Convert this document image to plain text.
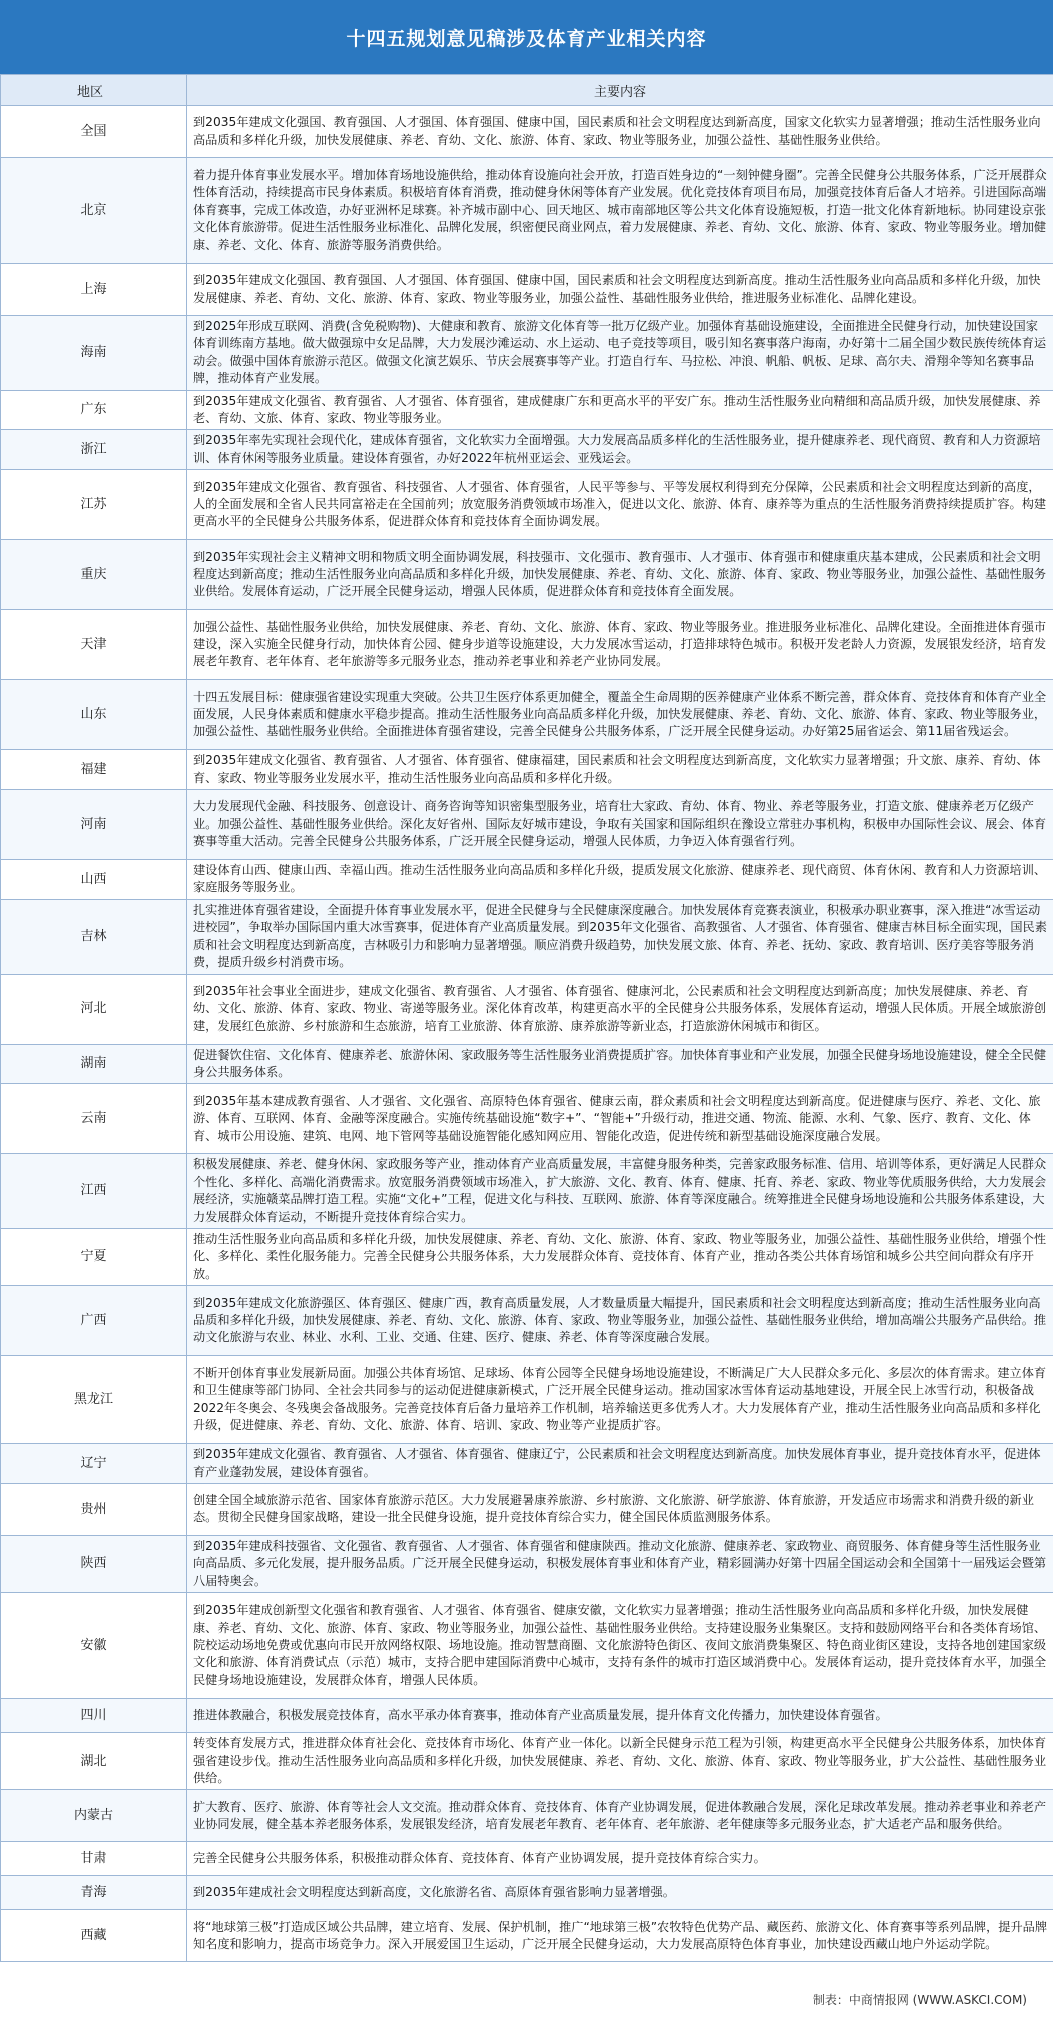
十四五规划意见稿涉及体育产业相关内容
地区	主要内容
全国	到2035年建成文化强国、教育强国、人才强国、体育强国、健康中国，国民素质和社会文明程度达到新高度，国家文化软实力显著增强；推动生活性服务业向高品质和多样化升级，加快发展健康、养老、育幼、文化、旅游、体育、家政、物业等服务业，加强公益性、基础性服务业供给。
北京	着力提升体育事业发展水平。增加体育场地设施供给，推动体育设施向社会开放，打造百姓身边的“一刻钟健身圈”。完善全民健身公共服务体系，广泛开展群众性体育活动，持续提高市民身体素质。积极培育体育消费，推动健身休闲等体育产业发展。优化竞技体育项目布局，加强竞技体育后备人才培养。引进国际高端体育赛事，完成工体改造，办好亚洲杯足球赛。补齐城市副中心、回天地区、城市南部地区等公共文化体育设施短板，打造一批文化体育新地标。协同建设京张文化体育旅游带。促进生活性服务业标准化、品牌化发展，织密便民商业网点，着力发展健康、养老、育幼、文化、旅游、体育、家政、物业等服务业。增加健康、养老、文化、体育、旅游等服务消费供给。
上海	到2035年建成文化强国、教育强国、人才强国、体育强国、健康中国，国民素质和社会文明程度达到新高度。推动生活性服务业向高品质和多样化升级，加快发展健康、养老、育幼、文化、旅游、体育、家政、物业等服务业，加强公益性、基础性服务业供给，推进服务业标准化、品牌化建设。
海南	到2025年形成互联网、消费(含免税购物)、大健康和教育、旅游文化体育等一批万亿级产业。加强体育基础设施建设，全面推进全民健身行动，加快建设国家体育训练南方基地。做大做强琼中女足品牌，大力发展沙滩运动、水上运动、电子竞技等项目，吸引知名赛事落户海南，办好第十二届全国少数民族传统体育运动会。做强中国体育旅游示范区。做强文化演艺娱乐、节庆会展赛事等产业。打造自行车、马拉松、冲浪、帆船、帆板、足球、高尔夫、滑翔伞等知名赛事品牌，推动体育产业发展。
广东	到2035年建成文化强省、教育强省、人才强省、体育强省，建成健康广东和更高水平的平安广东。推动生活性服务业向精细和高品质升级，加快发展健康、养老、育幼、文旅、体育、家政、物业等服务业。
浙江	到2035年率先实现社会现代化，建成体育强省，文化软实力全面增强。大力发展高品质多样化的生活性服务业，提升健康养老、现代商贸、教育和人力资源培训、体育休闲等服务业质量。建设体育强省，办好2022年杭州亚运会、亚残运会。
江苏	到2035年建成文化强省、教育强省、科技强省、人才强省、体育强省，人民平等参与、平等发展权利得到充分保障，公民素质和社会文明程度达到新的高度，人的全面发展和全省人民共同富裕走在全国前列；放宽服务消费领域市场准入，促进以文化、旅游、体育、康养等为重点的生活性服务消费持续提质扩容。构建更高水平的全民健身公共服务体系，促进群众体育和竞技体育全面协调发展。
重庆	到2035年实现社会主义精神文明和物质文明全面协调发展，科技强市、文化强市、教育强市、人才强市、体育强市和健康重庆基本建成，公民素质和社会文明程度达到新高度；推动生活性服务业向高品质和多样化升级，加快发展健康、养老、育幼、文化、旅游、体育、家政、物业等服务业，加强公益性、基础性服务业供给。发展体育运动，广泛开展全民健身运动，增强人民体质，促进群众体育和竞技体育全面发展。
天津	加强公益性、基础性服务业供给，加快发展健康、养老、育幼、文化、旅游、体育、家政、物业等服务业。推进服务业标准化、品牌化建设。全面推进体育强市建设，深入实施全民健身行动，加快体育公园、健身步道等设施建设，大力发展冰雪运动，打造排球特色城市。积极开发老龄人力资源，发展银发经济，培育发展老年教育、老年体育、老年旅游等多元服务业态，推动养老事业和养老产业协同发展。
山东	十四五发展目标：健康强省建设实现重大突破。公共卫生医疗体系更加健全，覆盖全生命周期的医养健康产业体系不断完善，群众体育、竞技体育和体育产业全面发展，人民身体素质和健康水平稳步提高。推动生活性服务业向高品质多样化升级，加快发展健康、养老、育幼、文化、旅游、体育、家政、物业等服务业，加强公益性、基础性服务业供给。全面推进体育强省建设，完善全民健身公共服务体系，广泛开展全民健身运动。办好第25届省运会、第11届省残运会。
福建	到2035年建成文化强省、教育强省、人才强省、体育强省、健康福建，国民素质和社会文明程度达到新高度，文化软实力显著增强；升文旅、康养、育幼、体育、家政、物业等服务业发展水平，推动生活性服务业向高品质和多样化升级。
河南	大力发展现代金融、科技服务、创意设计、商务咨询等知识密集型服务业，培育壮大家政、育幼、体育、物业、养老等服务业，打造文旅、健康养老万亿级产业。加强公益性、基础性服务业供给。深化友好省州、国际友好城市建设，争取有关国家和国际组织在豫设立常驻办事机构，积极申办国际性会议、展会、体育赛事等重大活动。完善全民健身公共服务体系，广泛开展全民健身运动，增强人民体质，力争迈入体育强省行列。
山西	建设体育山西、健康山西、幸福山西。推动生活性服务业向高品质和多样化升级，提质发展文化旅游、健康养老、现代商贸、体育休闲、教育和人力资源培训、家庭服务等服务业。
吉林	扎实推进体育强省建设，全面提升体育事业发展水平，促进全民健身与全民健康深度融合。加快发展体育竞赛表演业，积极承办职业赛事，深入推进“冰雪运动进校园”，争取举办国际国内重大冰雪赛事，促进体育产业高质量发展。到2035年文化强省、高教强省、人才强省、体育强省、健康吉林目标全面实现，国民素质和社会文明程度达到新高度，吉林吸引力和影响力显著增强。顺应消费升级趋势，加快发展文旅、体育、养老、抚幼、家政、教育培训、医疗美容等服务消费，提质升级乡村消费市场。
河北	到2035年社会事业全面进步，建成文化强省、教育强省、人才强省、体育强省、健康河北，公民素质和社会文明程度达到新高度；加快发展健康、养老、育幼、文化、旅游、体育、家政、物业、寄递等服务业。深化体育改革，构建更高水平的全民健身公共服务体系，发展体育运动，增强人民体质。开展全域旅游创建，发展红色旅游、乡村旅游和生态旅游，培育工业旅游、体育旅游、康养旅游等新业态，打造旅游休闲城市和街区。
湖南	促进餐饮住宿、文化体育、健康养老、旅游休闲、家政服务等生活性服务业消费提质扩容。加快体育事业和产业发展，加强全民健身场地设施建设，健全全民健身公共服务体系。
云南	到2035年基本建成教育强省、人才强省、文化强省、高原特色体育强省、健康云南，群众素质和社会文明程度达到新高度。促进健康与医疗、养老、文化、旅游、体育、互联网、体育、金融等深度融合。实施传统基础设施“数字+”、“智能+”升级行动，推进交通、物流、能源、水利、气象、医疗、教育、文化、体育、城市公用设施、建筑、电网、地下管网等基础设施智能化感知网应用、智能化改造，促进传统和新型基础设施深度融合发展。
江西	积极发展健康、养老、健身休闲、家政服务等产业，推动体育产业高质量发展，丰富健身服务种类，完善家政服务标准、信用、培训等体系，更好满足人民群众个性化、多样化、高端化消费需求。放宽服务消费领域市场准入，扩大旅游、文化、教育、体育、健康、托育、养老、家政、物业等优质服务供给，大力发展会展经济，实施赣菜品牌打造工程。实施“文化+”工程，促进文化与科技、互联网、旅游、体育等深度融合。统筹推进全民健身场地设施和公共服务体系建设，大力发展群众体育运动，不断提升竞技体育综合实力。
宁夏	推动生活性服务业向高品质和多样化升级，加快发展健康、养老、育幼、文化、旅游、体育、家政、物业等服务业，加强公益性、基础性服务业供给，增强个性化、多样化、柔性化服务能力。完善全民健身公共服务体系，大力发展群众体育、竞技体育、体育产业，推动各类公共体育场馆和城乡公共空间向群众有序开放。
广西	到2035年建成文化旅游强区、体育强区、健康广西，教育高质量发展，人才数量质量大幅提升，国民素质和社会文明程度达到新高度；推动生活性服务业向高品质和多样化升级，加快发展健康、养老、育幼、文化、旅游、体育、家政、物业等服务业，加强公益性、基础性服务业供给，增加高端公共服务产品供给。推动文化旅游与农业、林业、水利、工业、交通、住建、医疗、健康、养老、体育等深度融合发展。
黑龙江	不断开创体育事业发展新局面。加强公共体育场馆、足球场、体育公园等全民健身场地设施建设，不断满足广大人民群众多元化、多层次的体育需求。建立体育和卫生健康等部门协同、全社会共同参与的运动促进健康新模式，广泛开展全民健身运动。推动国家冰雪体育运动基地建设，开展全民上冰雪行动，积极备战2022年冬奥会、冬残奥会备战服务。完善竞技体育后备力量培养工作机制，培养输送更多优秀人才。大力发展体育产业，推动生活性服务业向高品质和多样化升级，促进健康、养老、育幼、文化、旅游、体育、培训、家政、物业等产业提质扩容。
辽宁	到2035年建成文化强省、教育强省、人才强省、体育强省、健康辽宁，公民素质和社会文明程度达到新高度。加快发展体育事业，提升竞技体育水平，促进体育产业蓬勃发展，建设体育强省。
贵州	创建全国全域旅游示范省、国家体育旅游示范区。大力发展避暑康养旅游、乡村旅游、文化旅游、研学旅游、体育旅游，开发适应市场需求和消费升级的新业态。贯彻全民健身国家战略，建设一批全民健身设施，提升竞技体育综合实力，健全国民体质监测服务体系。
陕西	到2035年建成科技强省、文化强省、教育强省、人才强省、体育强省和健康陕西。推动文化旅游、健康养老、家政物业、商贸服务、体育健身等生活性服务业向高品质、多元化发展，提升服务品质。广泛开展全民健身运动，积极发展体育事业和体育产业，精彩圆满办好第十四届全国运动会和全国第十一届残运会暨第八届特奥会。
安徽	到2035年建成创新型文化强省和教育强省、人才强省、体育强省、健康安徽，文化软实力显著增强；推动生活性服务业向高品质和多样化升级，加快发展健康、养老、育幼、文化、旅游、体育、家政、物业等服务业，加强公益性、基础性服务业供给。支持建设服务业集聚区。支持和鼓励网络平台和各类体育场馆、院校运动场地免费或优惠向市民开放网络权限、场地设施。推动智慧商圈、文化旅游特色街区、夜间文旅消费集聚区、特色商业街区建设，支持各地创建国家级文化和旅游、体育消费试点（示范）城市，支持合肥申建国际消费中心城市，支持有条件的城市打造区域消费中心。发展体育运动，提升竞技体育水平，加强全民健身场地设施建设，发展群众体育，增强人民体质。
四川	推进体教融合，积极发展竞技体育，高水平承办体育赛事，推动体育产业高质量发展，提升体育文化传播力，加快建设体育强省。
湖北	转变体育发展方式，推进群众体育社会化、竞技体育市场化、体育产业一体化。以新全民健身示范工程为引领，构建更高水平全民健身公共服务体系，加快体育强省建设步伐。推动生活性服务业向高品质和多样化升级，加快发展健康、养老、育幼、文化、旅游、体育、家政、物业等服务业，扩大公益性、基础性服务业供给。
内蒙古	扩大教育、医疗、旅游、体育等社会人文交流。推动群众体育、竞技体育、体育产业协调发展，促进体教融合发展，深化足球改革发展。推动养老事业和养老产业协同发展，健全基本养老服务体系，发展银发经济，培育发展老年教育、老年体育、老年旅游、老年健康等多元服务业态，扩大适老产品和服务供给。
甘肃	完善全民健身公共服务体系，积极推动群众体育、竞技体育、体育产业协调发展，提升竞技体育综合实力。
青海	到2035年建成社会文明程度达到新高度，文化旅游名省、高原体育强省影响力显著增强。
西藏	将“地球第三极”打造成区域公共品牌，建立培育、发展、保护机制，推广“地球第三极”农牧特色优势产品、藏医药、旅游文化、体育赛事等系列品牌，提升品牌知名度和影响力，提高市场竞争力。深入开展爱国卫生运动，广泛开展全民健身运动，大力发展高原特色体育事业，加快建设西藏山地户外运动学院。
制表：中商情报网 (WWW.ASKCI.COM)
